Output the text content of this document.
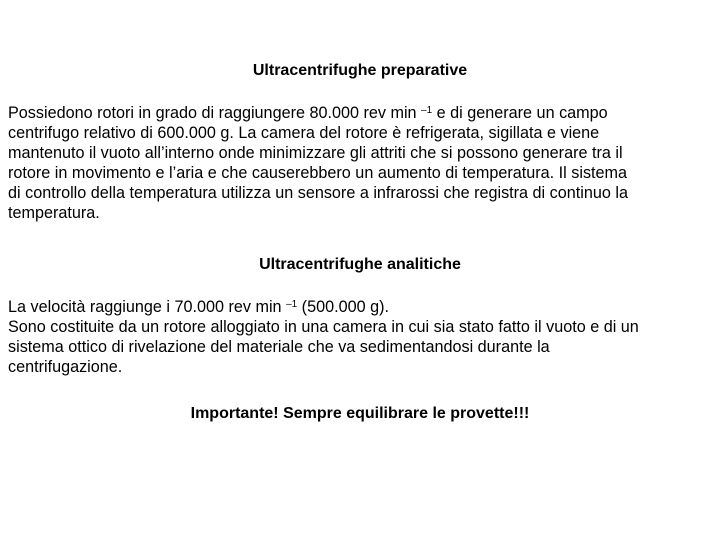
Ultracentrifughe preparative
Possiedono rotori in grado di raggiungere 80.000 rev min $^{-1}$ e di generare un campo
centrifugo relativo di 600.000 g. La camera del rotore è refrigerata, sigillata e viene
mantenuto il vuoto all’interno onde minimizzare gli attriti che si possono generare tra il
rotore in movimento e l’aria e che causerebbero un aumento di temperatura. Il sistema
di controllo della temperatura utilizza un sensore a infrarossi che registra di continuo la
temperatura.
Ultracentrifughe analitiche
La velocità raggiunge i 70.000 rev min $^{-1}$ (500.000 g).
Sono costituite da un rotore alloggiato in una camera in cui sia stato fatto il vuoto e di un
sistema ottico di rivelazione del materiale che va sedimentandosi durante la
centrifugazione.
Importante! Sempre equilibrare le provette!!!
